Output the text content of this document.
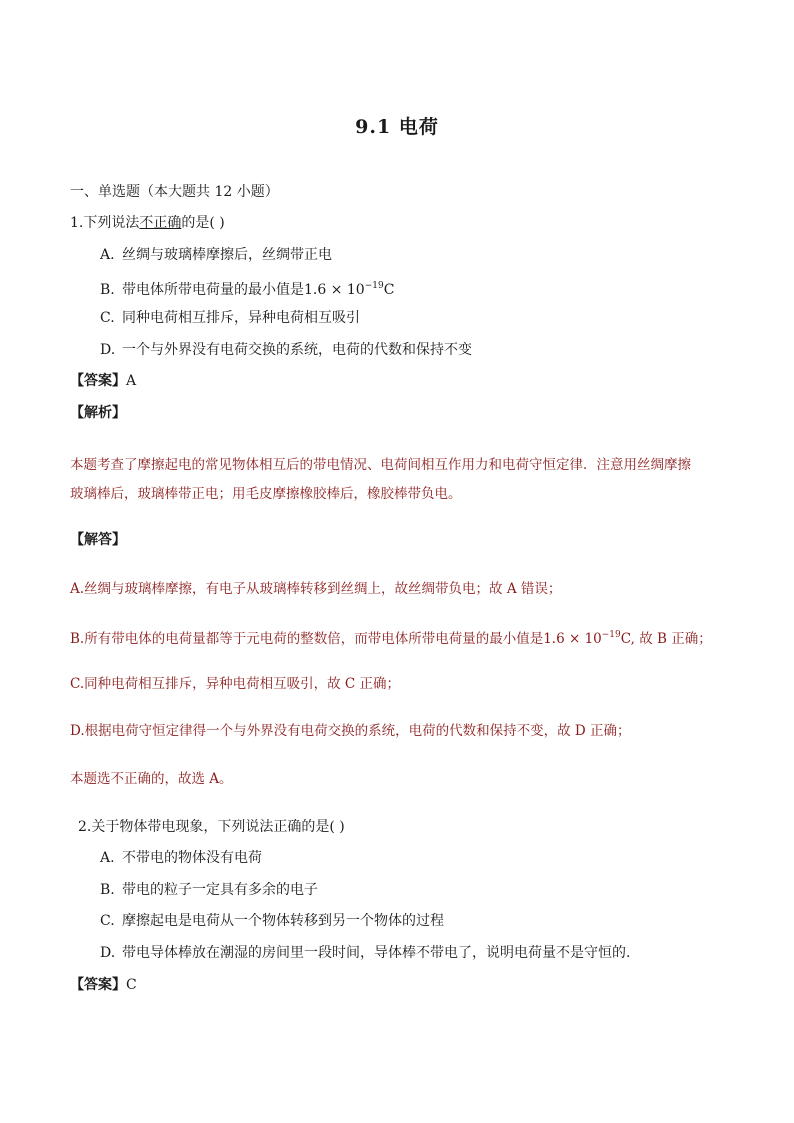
9.1 电荷
一、单选题（本大题共 12 小题）
1.下列说法不正确的是( )
A. 丝绸与玻璃棒摩擦后，丝绸带正电
B. 带电体所带电荷量的最小值是$1.6 \times 10^{-19}C$
C. 同种电荷相互排斥，异种电荷相互吸引
D. 一个与外界没有电荷交换的系统，电荷的代数和保持不变
【答案】A
【解析】
本题考查了摩擦起电的常见物体相互后的带电情况、电荷间相互作用力和电荷守恒定律．注意用丝绸摩擦
玻璃棒后，玻璃棒带正电；用毛皮摩擦橡胶棒后，橡胶棒带负电。
【解答】
A.丝绸与玻璃棒摩擦，有电子从玻璃棒转移到丝绸上，故丝绸带负电；故 A 错误；
B.所有带电体的电荷量都等于元电荷的整数倍，而带电体所带电荷量的最小值是$1.6 \times 10^{-19}C$, 故 B 正确；
C.同种电荷相互排斥，异种电荷相互吸引，故 C 正确；
D.根据电荷守恒定律得一个与外界没有电荷交换的系统，电荷的代数和保持不变，故 D 正确；
本题选不正确的，故选 A。
2.关于物体带电现象，下列说法正确的是( )
A. 不带电的物体没有电荷
B. 带电的粒子一定具有多余的电子
C. 摩擦起电是电荷从一个物体转移到另一个物体的过程
D. 带电导体棒放在潮湿的房间里一段时间，导体棒不带电了，说明电荷量不是守恒的.
【答案】C
